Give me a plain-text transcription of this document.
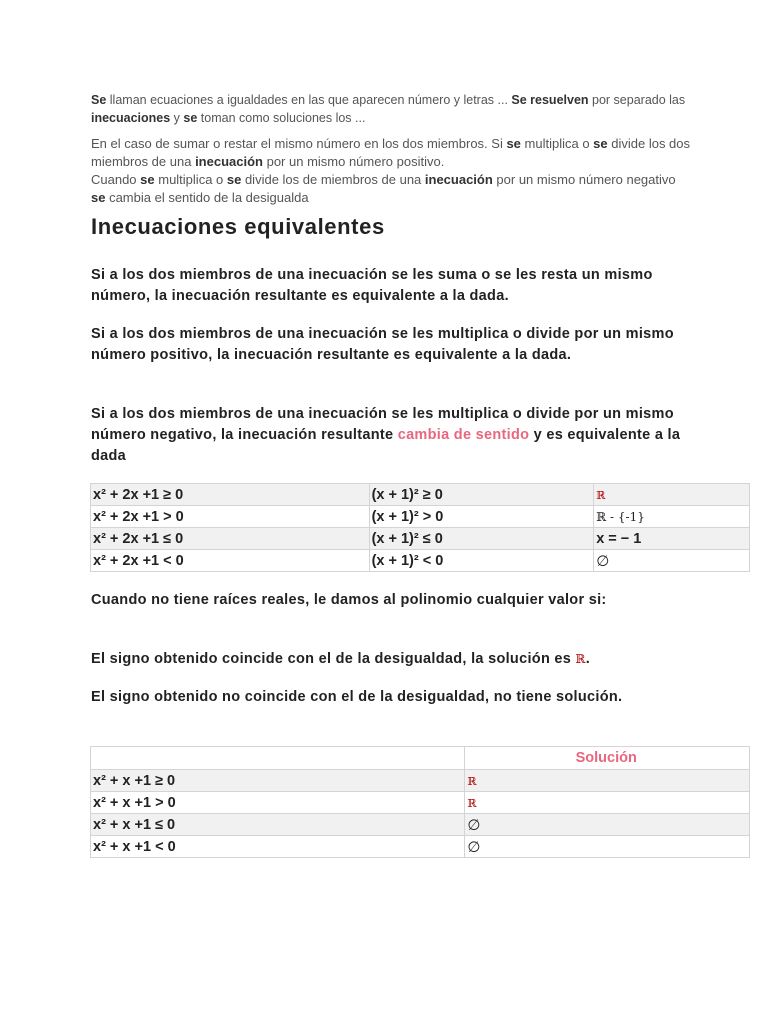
Se llaman ecuaciones a igualdades en las que aparecen número y letras ... Se resuelven por separado las inecuaciones y se toman como soluciones los ...
En el caso de sumar o restar el mismo número en los dos miembros. Si se multiplica o se divide los dos miembros de una inecuación por un mismo número positivo.
Cuando se multiplica o se divide los de miembros de una inecuación por un mismo número negativo se cambia el sentido de la desigualda
Inecuaciones equivalentes

Si a los dos miembros de una inecuación se les suma o se les resta un mismo número, la inecuación resultante es equivalente a la dada.

Si a los dos miembros de una inecuación se les multiplica o divide por un mismo número positivo, la inecuación resultante es equivalente a la dada.

Si a los dos miembros de una inecuación se les multiplica o divide por un mismo número negativo, la inecuación resultante cambia de sentido y es equivalente a la dada

x² + 2x +1 ≥ 0	(x + 1)² ≥ 0	ℝ
x² + 2x +1 > 0	(x + 1)² > 0	ℝ - {-1}
x² + 2x +1 ≤ 0	(x + 1)² ≤ 0	x = − 1
x² + 2x +1 < 0	(x + 1)² < 0	∅

Cuando no tiene raíces reales, le damos al polinomio cualquier valor si:

El signo obtenido coincide con el de la desigualdad, la solución es ℝ.

El signo obtenido no coincide con el de la desigualdad, no tiene solución.

	Solución
x² + x +1 ≥ 0	ℝ
x² + x +1 > 0	ℝ
x² + x +1 ≤ 0	∅
x² + x +1 < 0	∅
